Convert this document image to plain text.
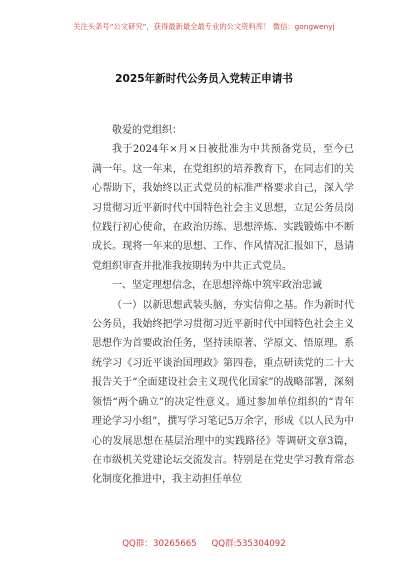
关注头条号“公文研究”，获得最新最全最专业的公文资料库！ 微信：gongwenyj
2025年新时代公务员入党转正申请书

敬爱的党组织：

我于2024年×月×日被批准为中共预备党员，至今已满一年。这一年来，在党组织的培养教育下，在同志们的关心帮助下，我始终以正式党员的标准严格要求自己，深入学习贯彻习近平新时代中国特色社会主义思想，立足公务员岗位践行初心使命，在政治历练、思想淬炼、实践锻炼中不断成长。现将一年来的思想、工作、作风情况汇报如下，恳请党组织审查并批准我按期转为中共正式党员。

一、坚定理想信念，在思想淬炼中筑牢政治忠诚

（一）以新思想武装头脑，夯实信仰之基。作为新时代公务员，我始终把学习贯彻习近平新时代中国特色社会主义思想作为首要政治任务，坚持读原著、学原文、悟原理。系统学习《习近平谈治国理政》第四卷，重点研读党的二十大报告关于“全面建设社会主义现代化国家”的战略部署，深刻领悟“两个确立”的决定性意义。通过参加单位组织的“青年理论学习小组”，撰写学习笔记5万余字，形成《以人民为中心的发展思想在基层治理中的实践路径》等调研文章3篇，在市级机关党建论坛交流发言。特别是在党史学习教育常态化制度化推进中，我主动担任单位

QQ群：30265665 QQ群:535304092
